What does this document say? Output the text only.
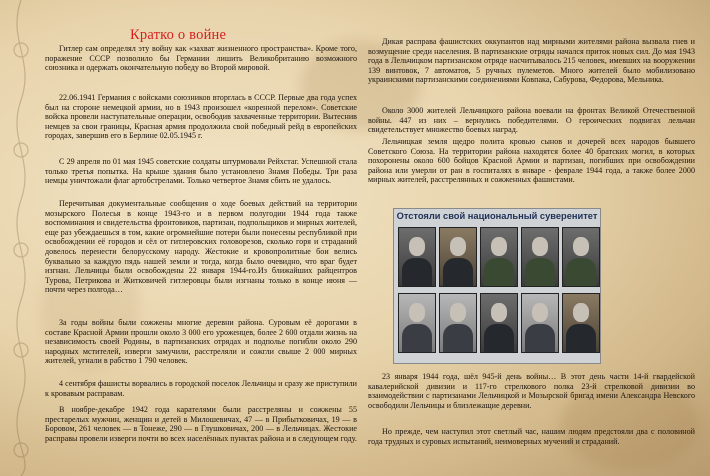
Кратко о войне

Гитлер сам определял эту войну как «захват жизненного пространства». Кроме того, поражение СССР позволило бы Германии лишить Великобританию возможного союзника и одержать окончательную победу во Второй мировой.

22.06.1941 Германия с войсками союзников вторглась в СССР. Первые два года успех был на стороне немецкой армии, но в 1943 произошел «коренной перелом». Советские войска провели наступательные операции, освободив захваченные территории. Вытеснив немцев за свои границы, Красная армия продолжила свой победный рейд в европейских городах, завершив его в Берлине 02.05.1945 г.

С 29 апреля по 01 мая 1945 советские солдаты штурмовали Рейхстаг. Успешной стала только третья попытка. На крыше здания было установлено Знамя Победы. Три раза немцы уничтожали флаг артобстрелами. Только четвертое Знамя сбить не удалось.

Перечитывая документальные сообщения о ходе боевых действий на территории мозырского Полесья в конце 1943-го и в первом полугодии 1944 года также воспоминания и свидетельства фронтовиков, партизан, подпольщиков и мирных жителей, еще раз убеждаешься в том, какие огромнейшие потери были понесены республикой при освобождении её городов и сёл от гитлеровских головорезов, сколько горя и страданий довелось перенести белорусскому народу. Жестокие и кровопролитные бои велись буквально за каждую пядь нашей земли и тогда, когда было очевидно, что враг будет изгнан. Лельчицы были освобождены 22 января 1944-го.Из ближайших райцентров Турова, Петрикова и Житковичей гитлеровцы были изгнаны только в конце июня — почти через полгода…

За годы войны были сожжены многие деревни района. Суровым её дорогами в составе Красной Армии прошли около 3 000 его уроженцев, более 2 600 отдали жизнь на независимость своей Родины, в партизанских отрядах и подполье погибли около 290 народных мстителей, изверги замучили, расстреляли и сожгли свыше 2 000 мирных жителей, угнали в рабство 1 790 человек.

4 сентября фашисты ворвались в городской поселок Лельчицы и сразу же приступили к кровавым расправам.

В ноябре-декабре 1942 года карателями были расстреляны и сожжены 55 престарелых мужчин, женщин и детей в Милошевичах, 47 — в Прибытковичах, 19 — в Боровом, 261 человек — в Тонеже, 290 — в Глушковичах, 200 — в Лельчицах. Жестокие расправы провели изверги почти во всех населённых пунктах района и в следующем году.

Дикая расправа фашистских оккупантов над мирными жителями района вызвала гнев и возмущение среди населения. В партизанские отряды начался приток новых сил. До мая 1943 года в Лельчицком партизанском отряде насчитывалось 215 человек, имевших на вооружении 139 винтовок, 7 автоматов, 5 ручных пулеметов. Много жителей было мобилизовано украинскими партизанскими соединениями Ковпака, Сабурова, Федорова, Мельника.

Около 3000 жителей Лельчицкого района воевали на фронтах Великой Отечественной войны. 447 из них – вернулись победителями. О героических подвигах лельчан свидетельствует множество боевых наград.

Лельчицкая земля щедро полита кровью сынов и дочерей всех народов бывшего Советского Союза. На территории района находятся более 40 братских могил, в которых похоронены около 600 бойцов Красной Армии и партизан, погибших при освобождении района или умерли от ран в госпиталях в январе - феврале 1944 года, а также более 2000 мирных жителей, расстрелянных и сожженных фашистами.

23 января 1944 года, шёл 945-й день войны… В этот день части 14-й гвардейской кавалерийской дивизии и 117-го стрелкового полка 23-й стрелковой дивизии во взаимодействии с партизанами Лельчицкой и Мозырской бригад имени Александра Невского освободили Лельчицы и близлежащие деревни.

Но прежде, чем наступил этот светлый час, нашим людям предстояли два с половиной года трудных и суровых испытаний, неимоверных мучений и страданий.

Отстояли свой национальный суверенитет
